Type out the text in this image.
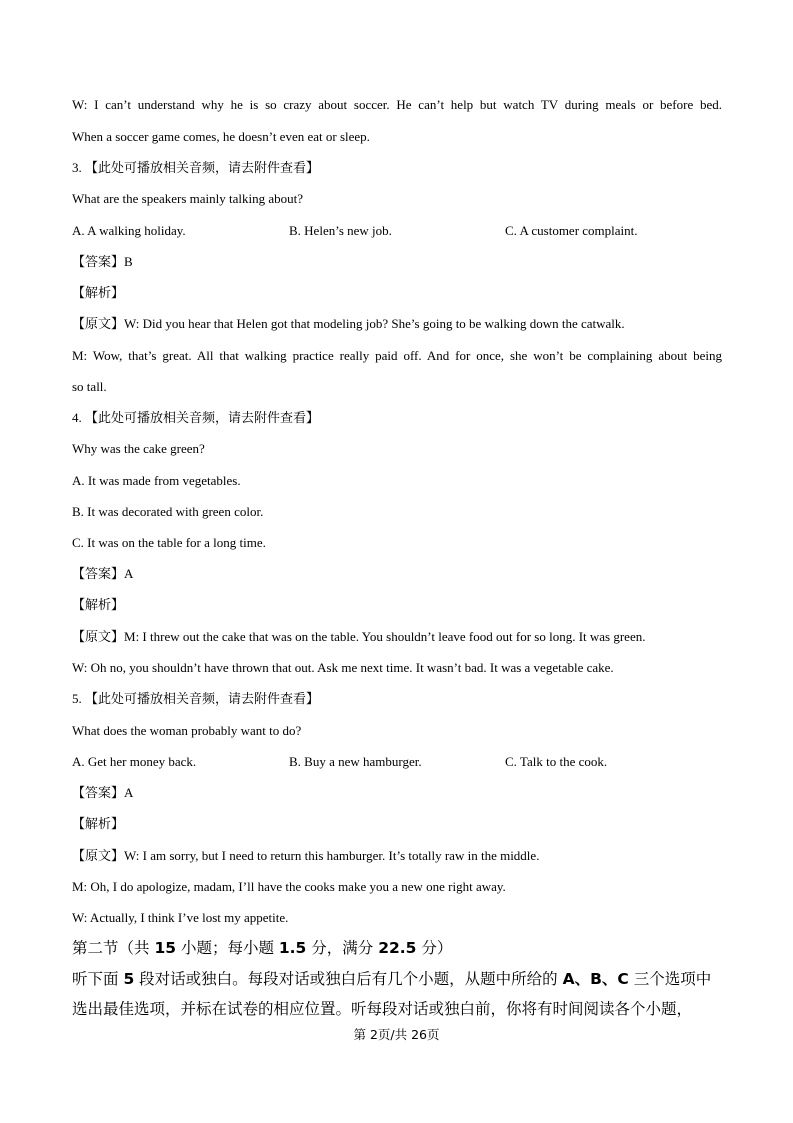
W: I can’t understand why he is so crazy about soccer. He can’t help but watch TV during meals or before bed.
When a soccer game comes, he doesn’t even eat or sleep.
3. 【此处可播放相关音频，请去附件查看】
What are the speakers mainly talking about?
A. A walking holiday.	B. Helen’s new job.	C. A customer complaint.
【答案】B
【解析】
【原文】W: Did you hear that Helen got that modeling job? She’s going to be walking down the catwalk.
M: Wow, that’s great. All that walking practice really paid off. And for once, she won’t be complaining about being
so tall.
4. 【此处可播放相关音频，请去附件查看】
Why was the cake green?
A. It was made from vegetables.
B. It was decorated with green color.
C. It was on the table for a long time.
【答案】A
【解析】
【原文】M: I threw out the cake that was on the table. You shouldn’t leave food out for so long. It was green.
W: Oh no, you shouldn’t have thrown that out. Ask me next time. It wasn’t bad. It was a vegetable cake.
5. 【此处可播放相关音频，请去附件查看】
What does the woman probably want to do?
A. Get her money back.	B. Buy a new hamburger.	C. Talk to the cook.
【答案】A
【解析】
【原文】W: I am sorry, but I need to return this hamburger. It’s totally raw in the middle.
M: Oh, I do apologize, madam, I’ll have the cooks make you a new one right away.
W: Actually, I think I’ve lost my appetite.
第二节（共 15 小题；每小题 1.5 分，满分 22.5 分）
听下面 5 段对话或独白。每段对话或独白后有几个小题，从题中所给的 A、B、C 三个选项中
选出最佳选项，并标在试卷的相应位置。听每段对话或独白前，你将有时间阅读各个小题，
第 2页/共 26页
